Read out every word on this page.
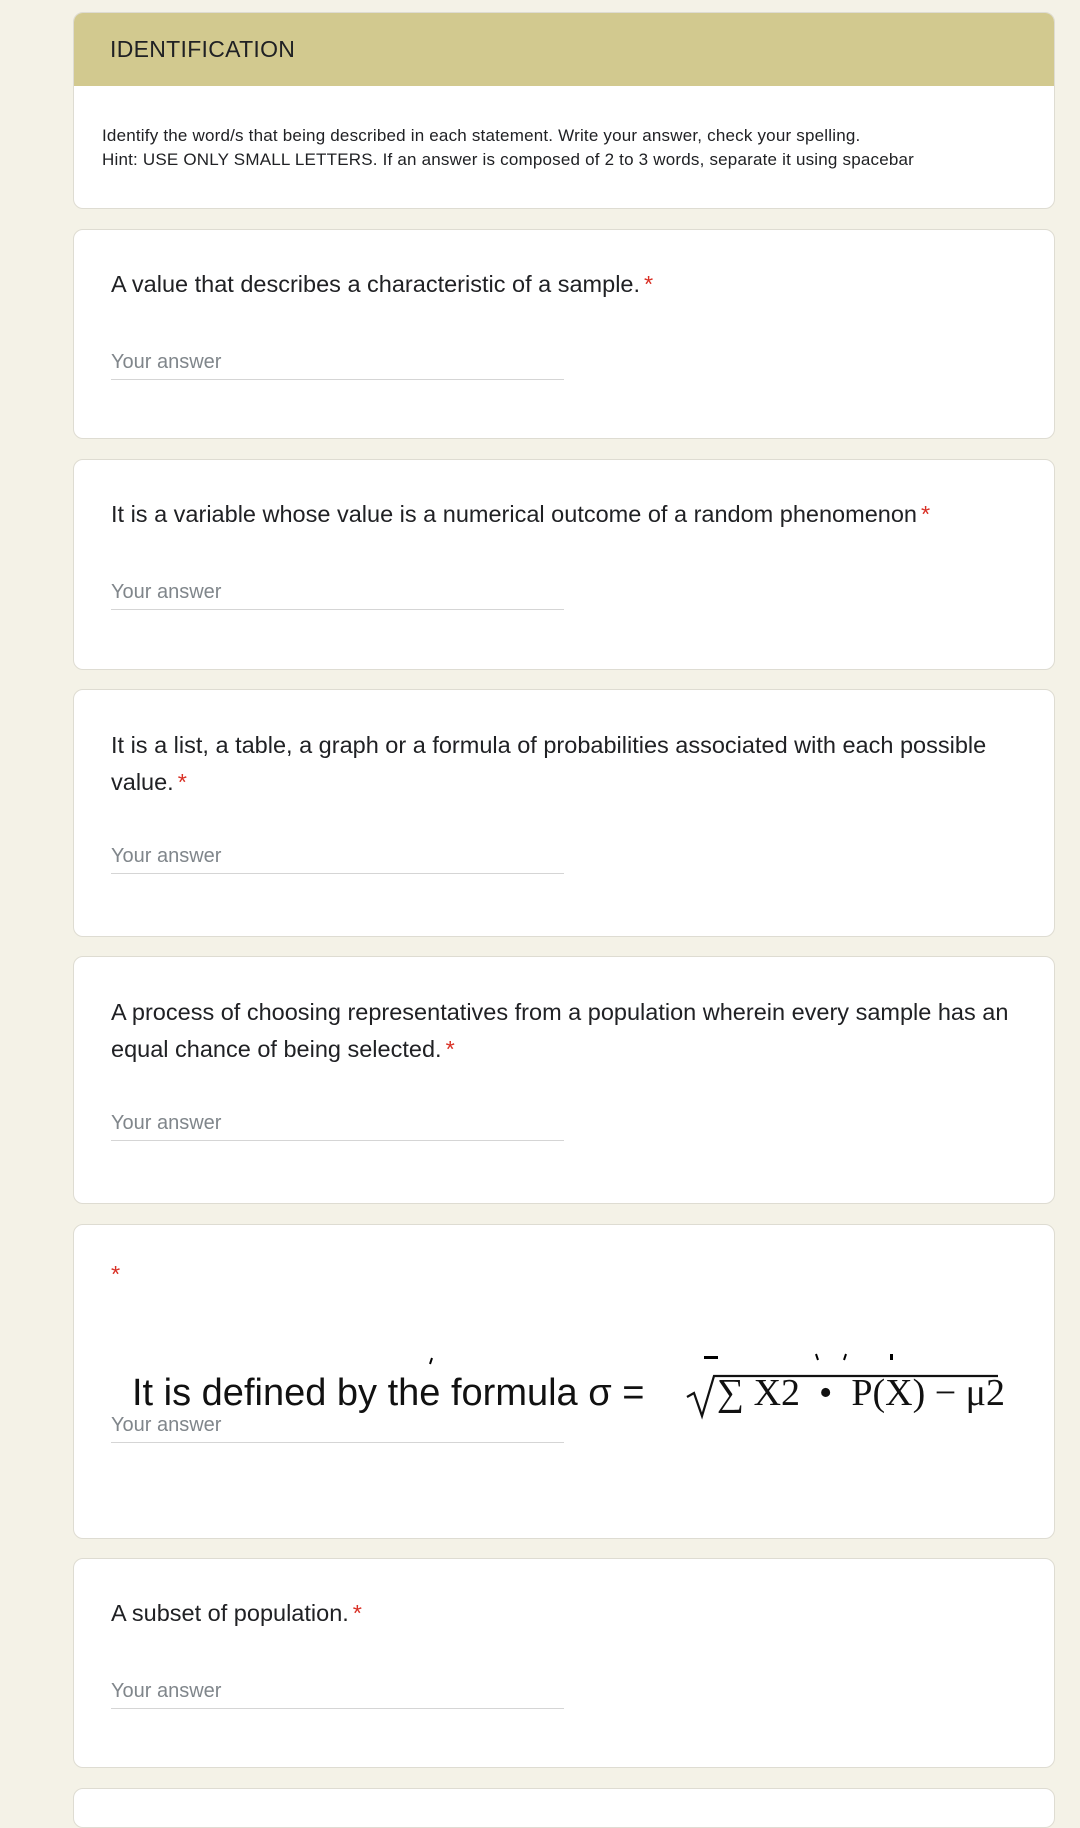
IDENTIFICATION
Identify the word/s that being described in each statement. Write your answer, check your spelling.
Hint: USE ONLY SMALL LETTERS. If an answer is composed of 2 to 3 words, separate it using spacebar
A value that describes a characteristic of a sample. *
Your answer
It is a variable whose value is a numerical outcome of a random phenomenon *
Your answer
It is a list, a table, a graph or a formula of probabilities associated with each possible value. *
Your answer
A process of choosing representatives from a population wherein every sample has an equal chance of being selected. *
Your answer
*
It is defined by the formula σ = ∑ X2  •  P(X) − μ2
Your answer
A subset of population. *
Your answer
